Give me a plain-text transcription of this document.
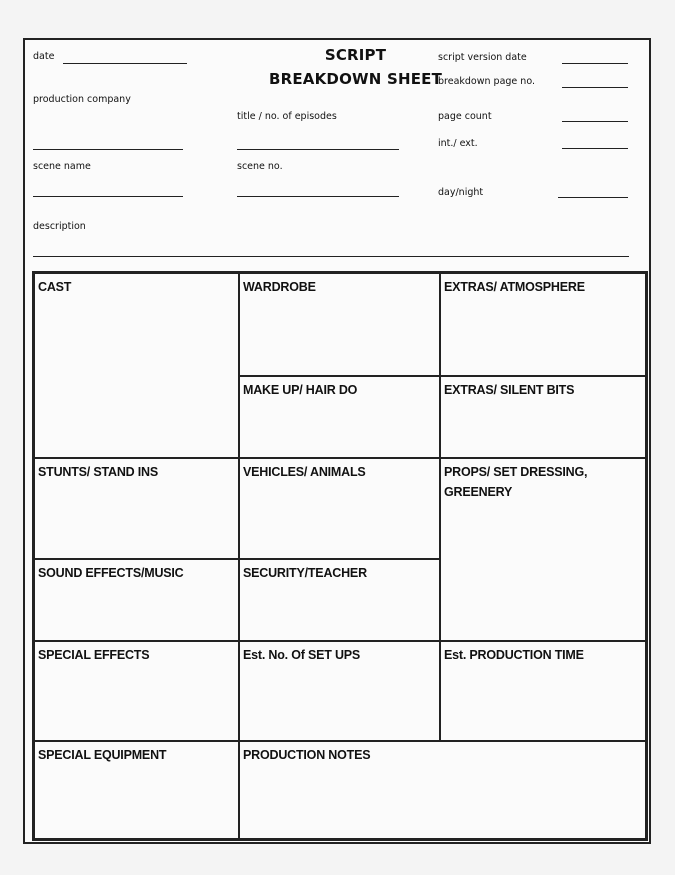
SCRIPT
BREAKDOWN SHEET
date
production company
scene name
description
title / no. of episodes
scene no.
script version date
breakdown page no.
page count
int./ ext.
day/night
CAST	WARDROBE	EXTRAS/ ATMOSPHERE
MAKE UP/ HAIR DO	EXTRAS/ SILENT BITS
STUNTS/ STAND INS	VEHICLES/ ANIMALS	PROPS/ SET DRESSING, GREENERY
SOUND EFFECTS/MUSIC	SECURITY/TEACHER
SPECIAL EFFECTS	Est. No. Of SET UPS	Est. PRODUCTION TIME
SPECIAL EQUIPMENT	PRODUCTION NOTES
